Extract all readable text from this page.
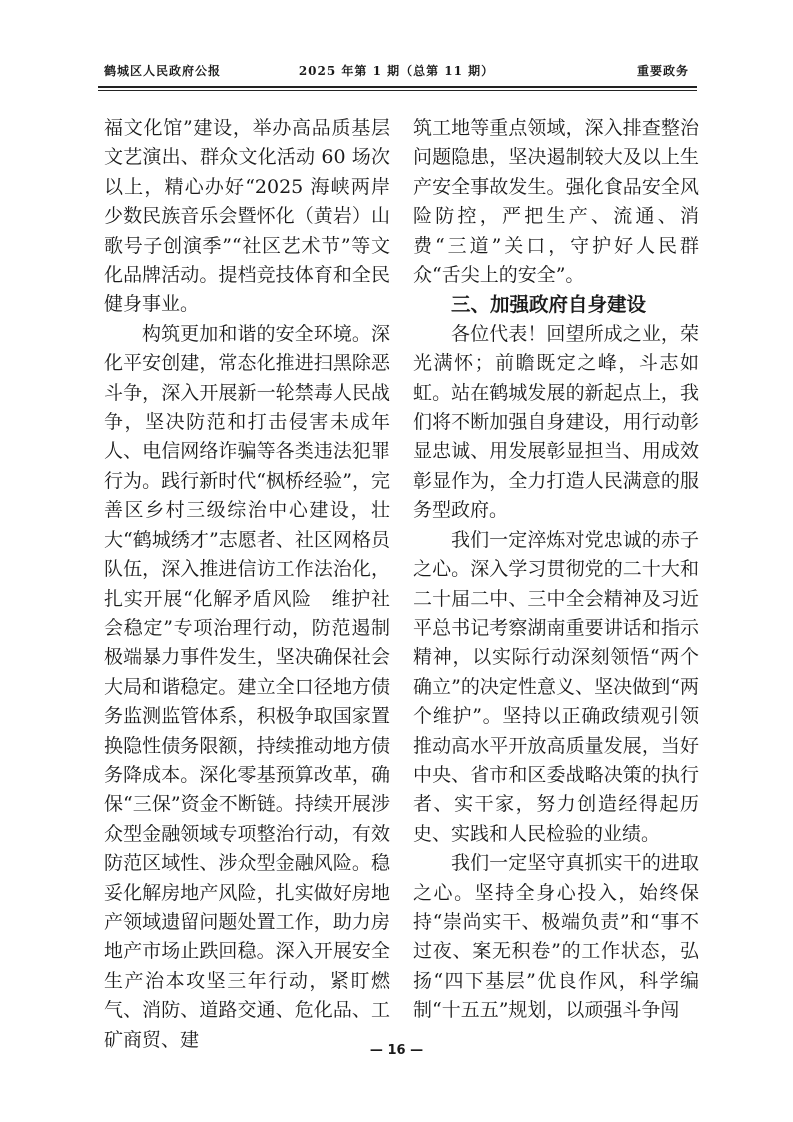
鹤城区人民政府公报	2025 年第 1 期（总第 11 期）	重要政务

福文化馆”建设，举办高品质基层文艺演出、群众文化活动 60 场次以上，精心办好“2025 海峡两岸少数民族音乐会暨怀化（黄岩）山歌号子创演季”“社区艺术节”等文化品牌活动。提档竞技体育和全民健身事业。

构筑更加和谐的安全环境。深化平安创建，常态化推进扫黑除恶斗争，深入开展新一轮禁毒人民战争，坚决防范和打击侵害未成年人、电信网络诈骗等各类违法犯罪行为。践行新时代“枫桥经验”，完善区乡村三级综治中心建设，壮大“鹤城绣才”志愿者、社区网格员队伍，深入推进信访工作法治化，扎实开展“化解矛盾风险　维护社会稳定”专项治理行动，防范遏制极端暴力事件发生，坚决确保社会大局和谐稳定。建立全口径地方债务监测监管体系，积极争取国家置换隐性债务限额，持续推动地方债务降成本。深化零基预算改革，确保“三保”资金不断链。持续开展涉众型金融领域专项整治行动，有效防范区域性、涉众型金融风险。稳妥化解房地产风险，扎实做好房地产领域遗留问题处置工作，助力房地产市场止跌回稳。深入开展安全生产治本攻坚三年行动，紧盯燃气、消防、道路交通、危化品、工矿商贸、建

筑工地等重点领域，深入排查整治问题隐患，坚决遏制较大及以上生产安全事故发生。强化食品安全风险防控，严把生产、流通、消费“三道”关口，守护好人民群众“舌尖上的安全”。

三、加强政府自身建设

各位代表！回望所成之业，荣光满怀；前瞻既定之峰，斗志如虹。站在鹤城发展的新起点上，我们将不断加强自身建设，用行动彰显忠诚、用发展彰显担当、用成效彰显作为，全力打造人民满意的服务型政府。

我们一定淬炼对党忠诚的赤子之心。深入学习贯彻党的二十大和二十届二中、三中全会精神及习近平总书记考察湖南重要讲话和指示精神，以实际行动深刻领悟“两个确立”的决定性意义、坚决做到“两个维护”。坚持以正确政绩观引领推动高水平开放高质量发展，当好中央、省市和区委战略决策的执行者、实干家，努力创造经得起历史、实践和人民检验的业绩。

我们一定坚守真抓实干的进取之心。坚持全身心投入，始终保持“崇尚实干、极端负责”和“事不过夜、案无积卷”的工作状态，弘扬“四下基层”优良作风，科学编制“十五五”规划，以顽强斗争闯

— 16 —
